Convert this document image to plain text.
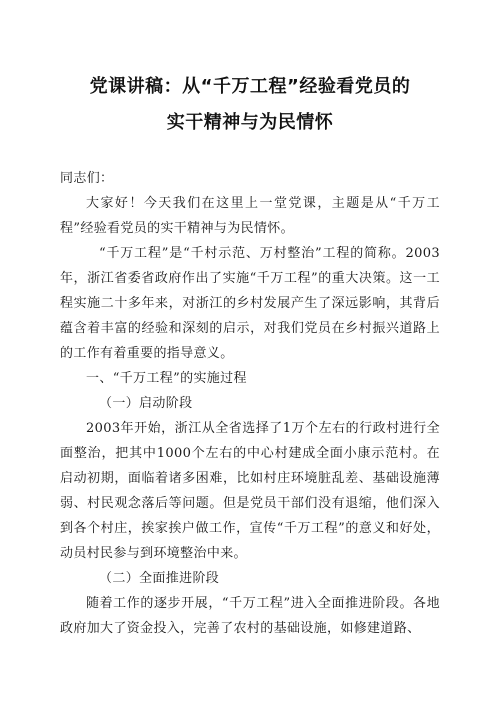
党课讲稿：从“千万工程”经验看党员的
实干精神与为民情怀

同志们：

大家好！今天我们在这里上一堂党课，主题是从“千万工程”经验看党员的实干精神与为民情怀。

“千万工程”是“千村示范、万村整治”工程的简称。2003年，浙江省委省政府作出了实施“千万工程”的重大决策。这一工程实施二十多年来，对浙江的乡村发展产生了深远影响，其背后蕴含着丰富的经验和深刻的启示，对我们党员在乡村振兴道路上的工作有着重要的指导意义。

一、“千万工程”的实施过程

（一）启动阶段

2003年开始，浙江从全省选择了1万个左右的行政村进行全面整治，把其中1000个左右的中心村建成全面小康示范村。在启动初期，面临着诸多困难，比如村庄环境脏乱差、基础设施薄弱、村民观念落后等问题。但是党员干部们没有退缩，他们深入到各个村庄，挨家挨户做工作，宣传“千万工程”的意义和好处，动员村民参与到环境整治中来。

（二）全面推进阶段

随着工作的逐步开展，“千万工程”进入全面推进阶段。各地政府加大了资金投入，完善了农村的基础设施，如修建道路、
